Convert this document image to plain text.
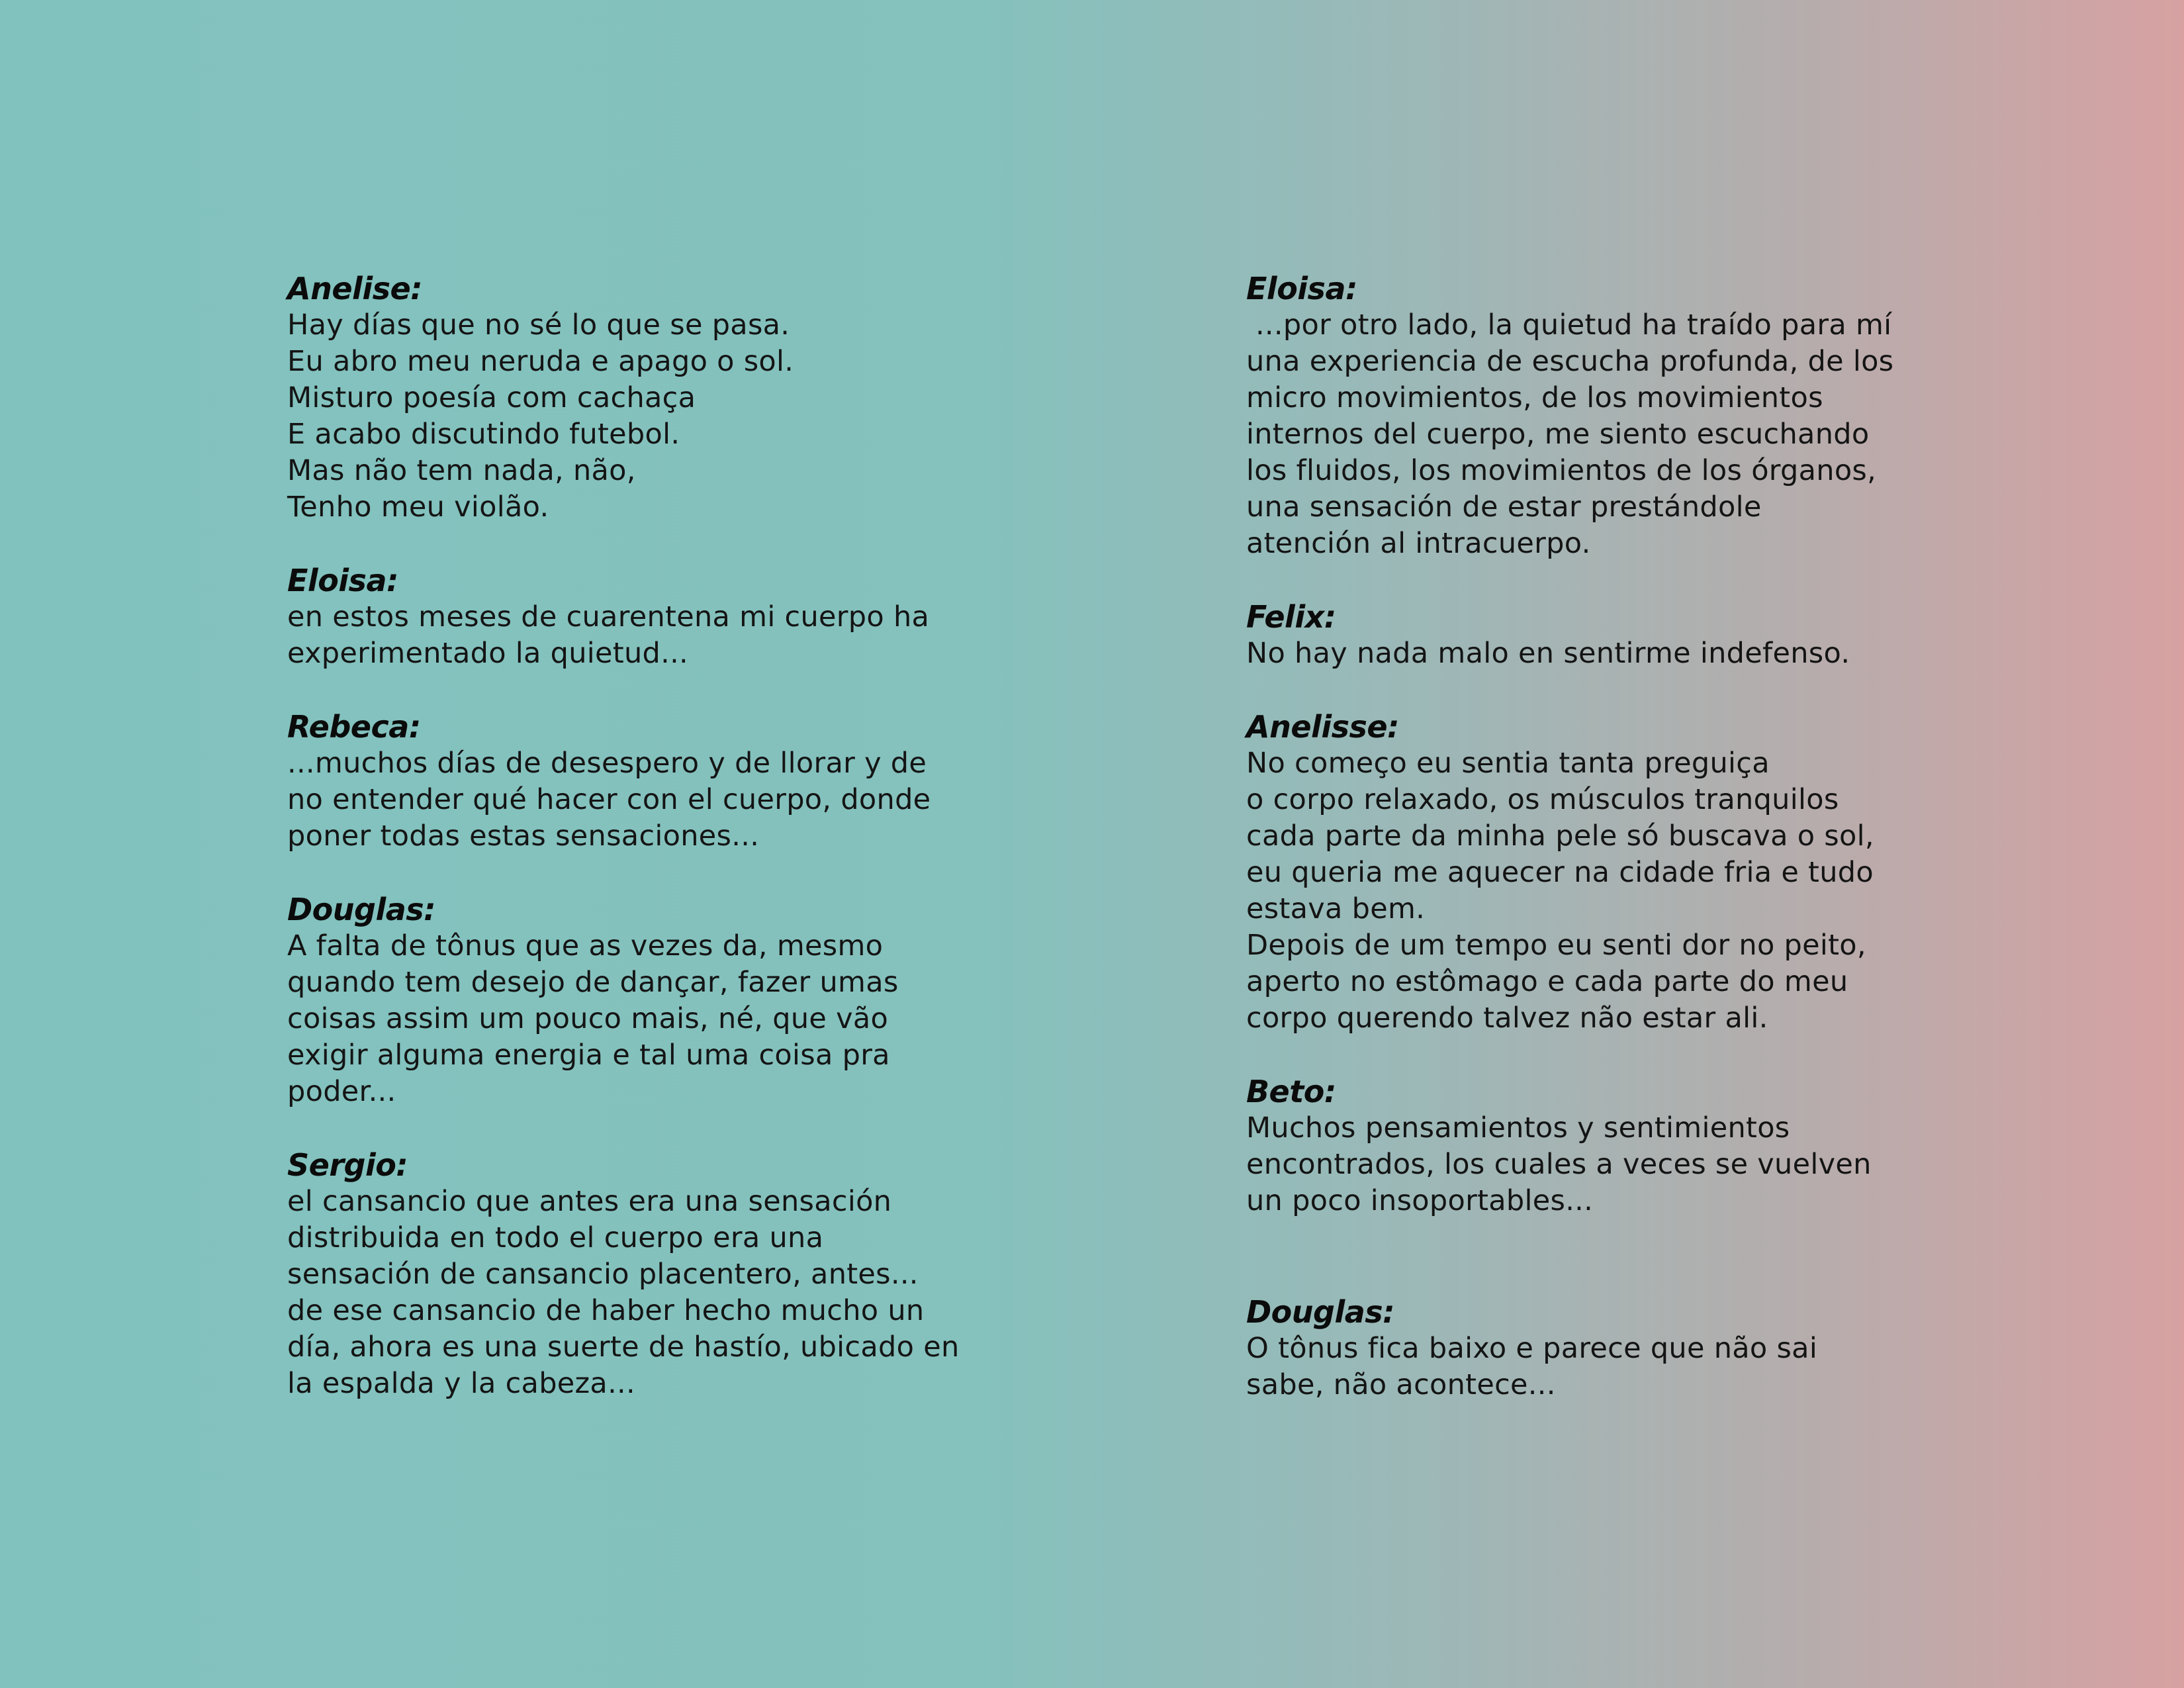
Anelise:
Hay días que no sé lo que se pasa.
Eu abro meu neruda e apago o sol.
Misturo poesía com cachaça
E acabo discutindo futebol.
Mas não tem nada, não,
Tenho meu violão.
Eloisa:
en estos meses de cuarentena mi cuerpo ha
experimentado la quietud...
Rebeca:
...muchos días de desespero y de llorar y de
no entender qué hacer con el cuerpo, donde
poner todas estas sensaciones...
Douglas:
A falta de tônus que as vezes da, mesmo
quando tem desejo de dançar, fazer umas
coisas assim um pouco mais, né, que vão
exigir alguma energia e tal uma coisa pra
poder...
Sergio:
el cansancio que antes era una sensación
distribuida en todo el cuerpo era una
sensación de cansancio placentero, antes...
de ese cansancio de haber hecho mucho un
día, ahora es una suerte de hastío, ubicado en
la espalda y la cabeza...
Eloisa:
...por otro lado, la quietud ha traído para mí
una experiencia de escucha profunda, de los
micro movimientos, de los movimientos
internos del cuerpo, me siento escuchando
los fluidos, los movimientos de los órganos,
una sensación de estar prestándole
atención al intracuerpo.
Felix:
No hay nada malo en sentirme indefenso.
Anelisse:
No começo eu sentia tanta preguiça
o corpo relaxado, os músculos tranquilos
cada parte da minha pele só buscava o sol,
eu queria me aquecer na cidade fria e tudo
estava bem.
Depois de um tempo eu senti dor no peito,
aperto no estômago e cada parte do meu
corpo querendo talvez não estar ali.
Beto:
Muchos pensamientos y sentimientos
encontrados, los cuales a veces se vuelven
un poco insoportables...
Douglas:
O tônus fica baixo e parece que não sai
sabe, não acontece...
